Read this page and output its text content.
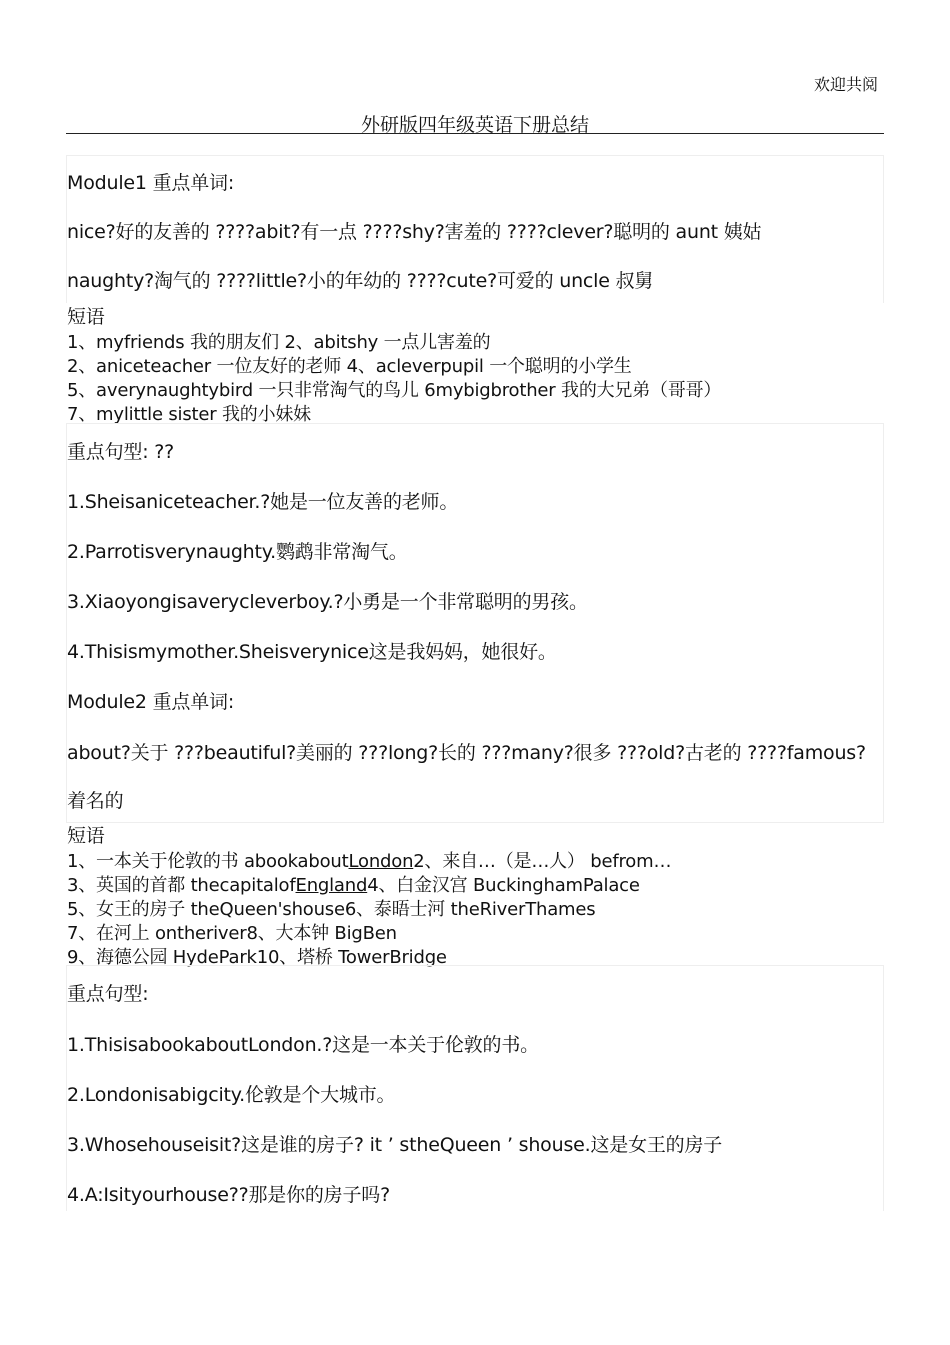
欢迎共阅
外研版四年级英语下册总结
Module1 重点单词:
nice?好的友善的 ????abit?有一点 ????shy?害羞的 ????clever?聪明的 aunt 姨姑
naughty?淘气的 ????little?小的年幼的 ????cute?可爱的 uncle 叔舅
短语
1、myfriends 我的朋友们 2、abitshy 一点儿害羞的
2、aniceteacher 一位友好的老师 4、acleverpupil 一个聪明的小学生
5、averynaughtybird 一只非常淘气的鸟儿 6mybigbrother 我的大兄弟（哥哥）
7、mylittle sister 我的小妹妹
重点句型: ??
1.Sheisaniceteacher.?她是一位友善的老师。
2.Parrotisverynaughty.鹦鹉非常淘气。
3.Xiaoyongisaverycleverboy.?小勇是一个非常聪明的男孩。
4.Thisismymother.Sheisverynice这是我妈妈，她很好。
Module2 重点单词:
about?关于 ???beautiful?美丽的 ???long?长的 ???many?很多 ???old?古老的 ????famous?
着名的
短语
1、一本关于伦敦的书 abookaboutLondon2、来自…（是…人） befrom…
3、英国的首都 thecapitalofEngland4、白金汉宫 BuckinghamPalace
5、女王的房子 theQueen'shouse6、泰晤士河 theRiverThames
7、在河上 ontheriver8、大本钟 BigBen
9、海德公园 HydePark10、塔桥 TowerBridge
重点句型:
1.ThisisabookaboutLondon.?这是一本关于伦敦的书。
2.Londonisabigcity.伦敦是个大城市。
3.Whosehouseisit?这是谁的房子? it ’ stheQueen ’ shouse.这是女王的房子
4.A:Isityourhouse??那是你的房子吗?
